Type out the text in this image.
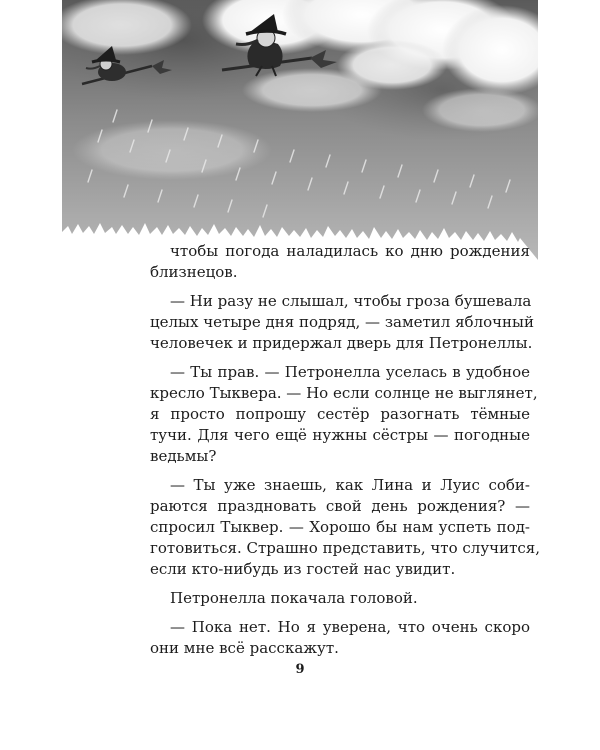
чтобы погода наладилась ко дню рождения
близнецов.
— Ни разу не слышал, чтобы гроза бушевала
целых четыре дня подряд, — заметил яблочный
человечек и придержал дверь для Петронеллы.
— Ты прав. — Петронелла уселась в удобное
кресло Тыквера. — Но если солнце не выглянет,
я просто попрошу сестёр разогнать тёмные
тучи. Для чего ещё нужны сёстры — погодные
ведьмы?
— Ты уже знаешь, как Лина и Луис соби-
раются праздновать свой день рождения? —
спросил Тыквер. — Хорошо бы нам успеть под-
готовиться. Страшно представить, что случится,
если кто-нибудь из гостей нас увидит.
Петронелла покачала головой.
— Пока нет. Но я уверена, что очень скоро
они мне всё расскажут.
9
